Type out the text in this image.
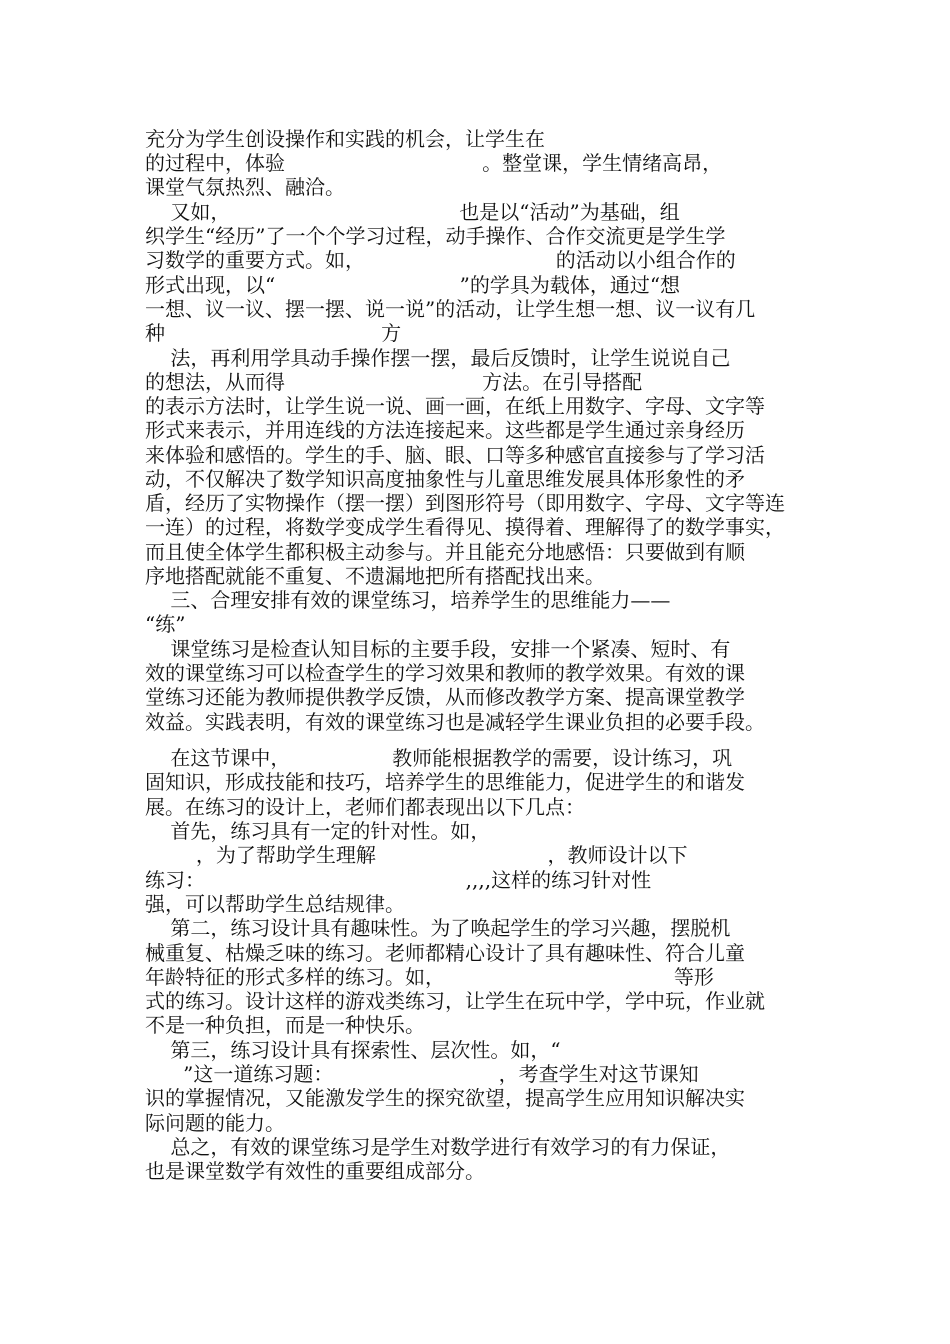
充分为学生创设操作和实践的机会，让学生在
的过程中，体验                               。整堂课，学生情绪高昂，
课堂气氛热烈、融洽。
又如，                                    也是以“活动”为基础，组
织学生“经历”了一个个学习过程，动手操作、合作交流更是学生学
习数学的重要方式。如，                              的活动以小组合作的
形式出现，以“                             ”的学具为载体，通过“想
一想、议一议、摆一摆、说一说”的活动，让学生想一想、议一议有几
种                                  方
法，再利用学具动手操作摆一摆，最后反馈时，让学生说说自己
的想法，从而得                               方法。在引导搭配
的表示方法时，让学生说一说、画一画，在纸上用数字、字母、文字等
形式来表示，并用连线的方法连接起来。这些都是学生通过亲身经历
来体验和感悟的。学生的手、脑、眼、口等多种感官直接参与了学习活
动，不仅解决了数学知识高度抽象性与儿童思维发展具体形象性的矛
盾，经历了实物操作（摆一摆）到图形符号（即用数字、字母、文字等连
一连）的过程，将数学变成学生看得见、摸得着、理解得了的数学事实，
而且使全体学生都积极主动参与。并且能充分地感悟：只要做到有顺
序地搭配就能不重复、不遗漏地把所有搭配找出来。
三、合理安排有效的课堂练习，培养学生的思维能力——
“练”
课堂练习是检查认知目标的主要手段，安排一个紧凑、短时、有
效的课堂练习可以检查学生的学习效果和教师的教学效果。有效的课
堂练习还能为教师提供教学反馈，从而修改教学方案、提高课堂教学
效益。实践表明，有效的课堂练习也是减轻学生课业负担的必要手段。
在这节课中，                教师能根据教学的需要，设计练习，巩
固知识，形成技能和技巧，培养学生的思维能力，促进学生的和谐发
展。在练习的设计上，老师们都表现出以下几点：
首先，练习具有一定的针对性。如，
，为了帮助学生理解                           ，教师设计以下
练习：                                         ,,,,这样的练习针对性
强，可以帮助学生总结规律。
第二，练习设计具有趣味性。为了唤起学生的学习兴趣，摆脱机
械重复、枯燥乏味的练习。老师都精心设计了具有趣味性、符合儿童
年龄特征的形式多样的练习。如，                                    等形
式的练习。设计这样的游戏类练习，让学生在玩中学，学中玩，作业就
不是一种负担，而是一种快乐。
第三，练习设计具有探索性、层次性。如，“
”这一道练习题：                          ，考查学生对这节课知
识的掌握情况，又能激发学生的探究欲望，提高学生应用知识解决实
际问题的能力。
总之，有效的课堂练习是学生对数学进行有效学习的有力保证，
也是课堂数学有效性的重要组成部分。
